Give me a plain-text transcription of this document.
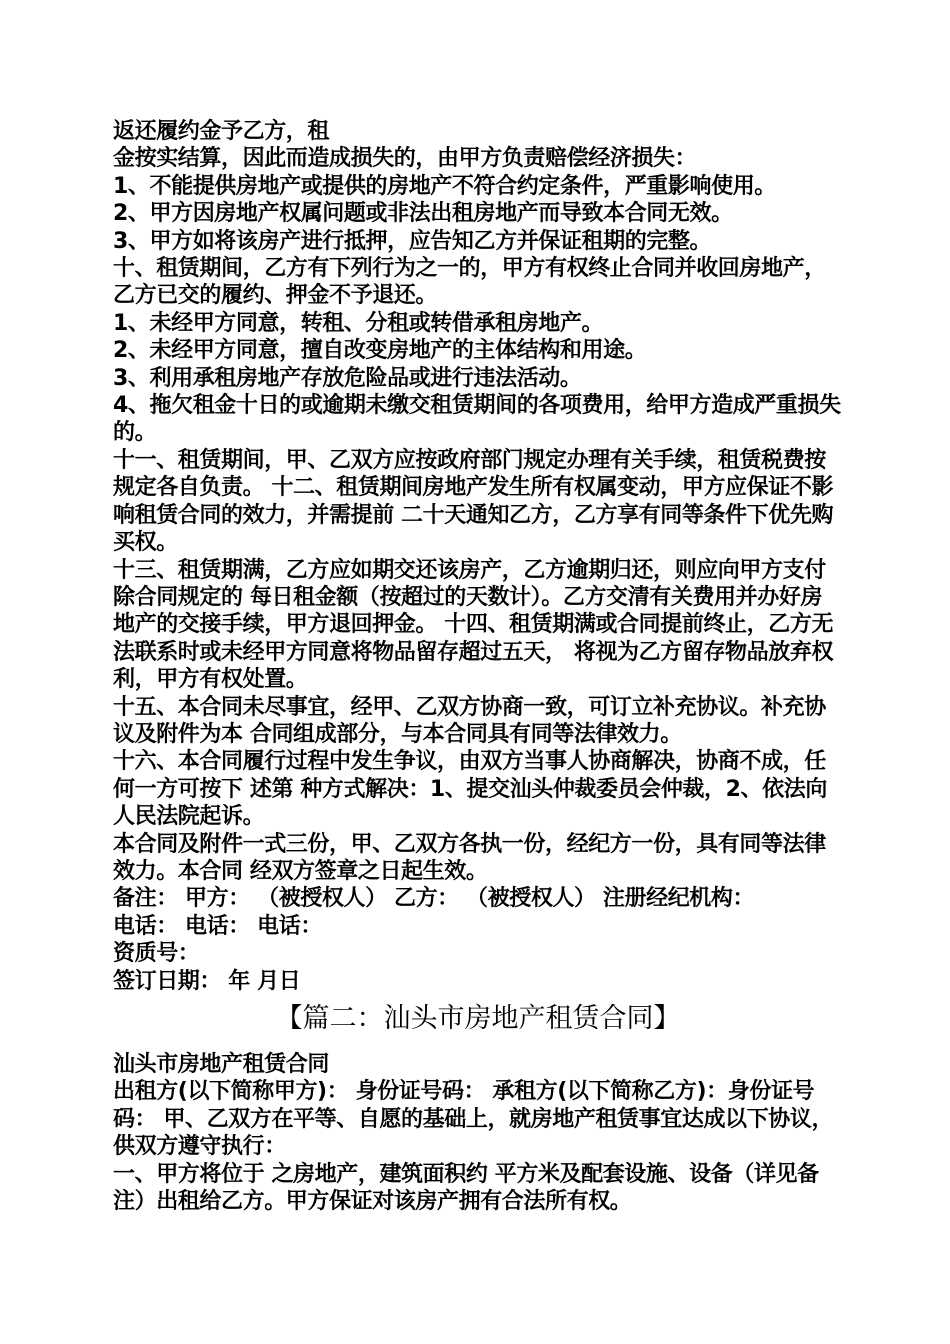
返还履约金予乙方，租

金按实结算，因此而造成损失的，由甲方负责赔偿经济损失：

1、不能提供房地产或提供的房地产不符合约定条件，严重影响使用。

2、甲方因房地产权属问题或非法出租房地产而导致本合同无效。

3、甲方如将该房产进行抵押，应告知乙方并保证租期的完整。

十、租赁期间，乙方有下列行为之一的，甲方有权终止合同并收回房地产，乙方已交的履约、押金不予退还。

1、未经甲方同意，转租、分租或转借承租房地产。

2、未经甲方同意，擅自改变房地产的主体结构和用途。

3、利用承租房地产存放危险品或进行违法活动。

4、拖欠租金十日的或逾期未缴交租赁期间的各项费用，给甲方造成严重损失的。

十一、租赁期间，甲、乙双方应按政府部门规定办理有关手续，租赁税费按规定各自负责。 十二、租赁期间房地产发生所有权属变动，甲方应保证不影响租赁合同的效力，并需提前 二十天通知乙方，乙方享有同等条件下优先购买权。

十三、租赁期满，乙方应如期交还该房产，乙方逾期归还，则应向甲方支付除合同规定的 每日租金额（按超过的天数计）。乙方交清有关费用并办好房地产的交接手续，甲方退回押金。 十四、租赁期满或合同提前终止，乙方无法联系时或未经甲方同意将物品留存超过五天， 将视为乙方留存物品放弃权利，甲方有权处置。

十五、本合同未尽事宜，经甲、乙双方协商一致，可订立补充协议。补充协议及附件为本 合同组成部分，与本合同具有同等法律效力。

十六、本合同履行过程中发生争议，由双方当事人协商解决，协商不成，任何一方可按下 述第 种方式解决：1、提交汕头仲裁委员会仲裁，2、依法向人民法院起诉。

本合同及附件一式三份，甲、乙双方各执一份，经纪方一份，具有同等法律效力。本合同 经双方签章之日起生效。

备注： 甲方： （被授权人） 乙方： （被授权人） 注册经纪机构：

电话： 电话： 电话：

资质号：

签订日期： 年 月日

【篇二：汕头市房地产租赁合同】

汕头市房地产租赁合同

出租方(以下简称甲方)： 身份证号码： 承租方(以下简称乙方)：身份证号码： 甲、乙双方在平等、自愿的基础上，就房地产租赁事宜达成以下协议，供双方遵守执行：

一、甲方将位于 之房地产，建筑面积约 平方米及配套设施、设备（详见备注）出租给乙方。甲方保证对该房产拥有合法所有权。
